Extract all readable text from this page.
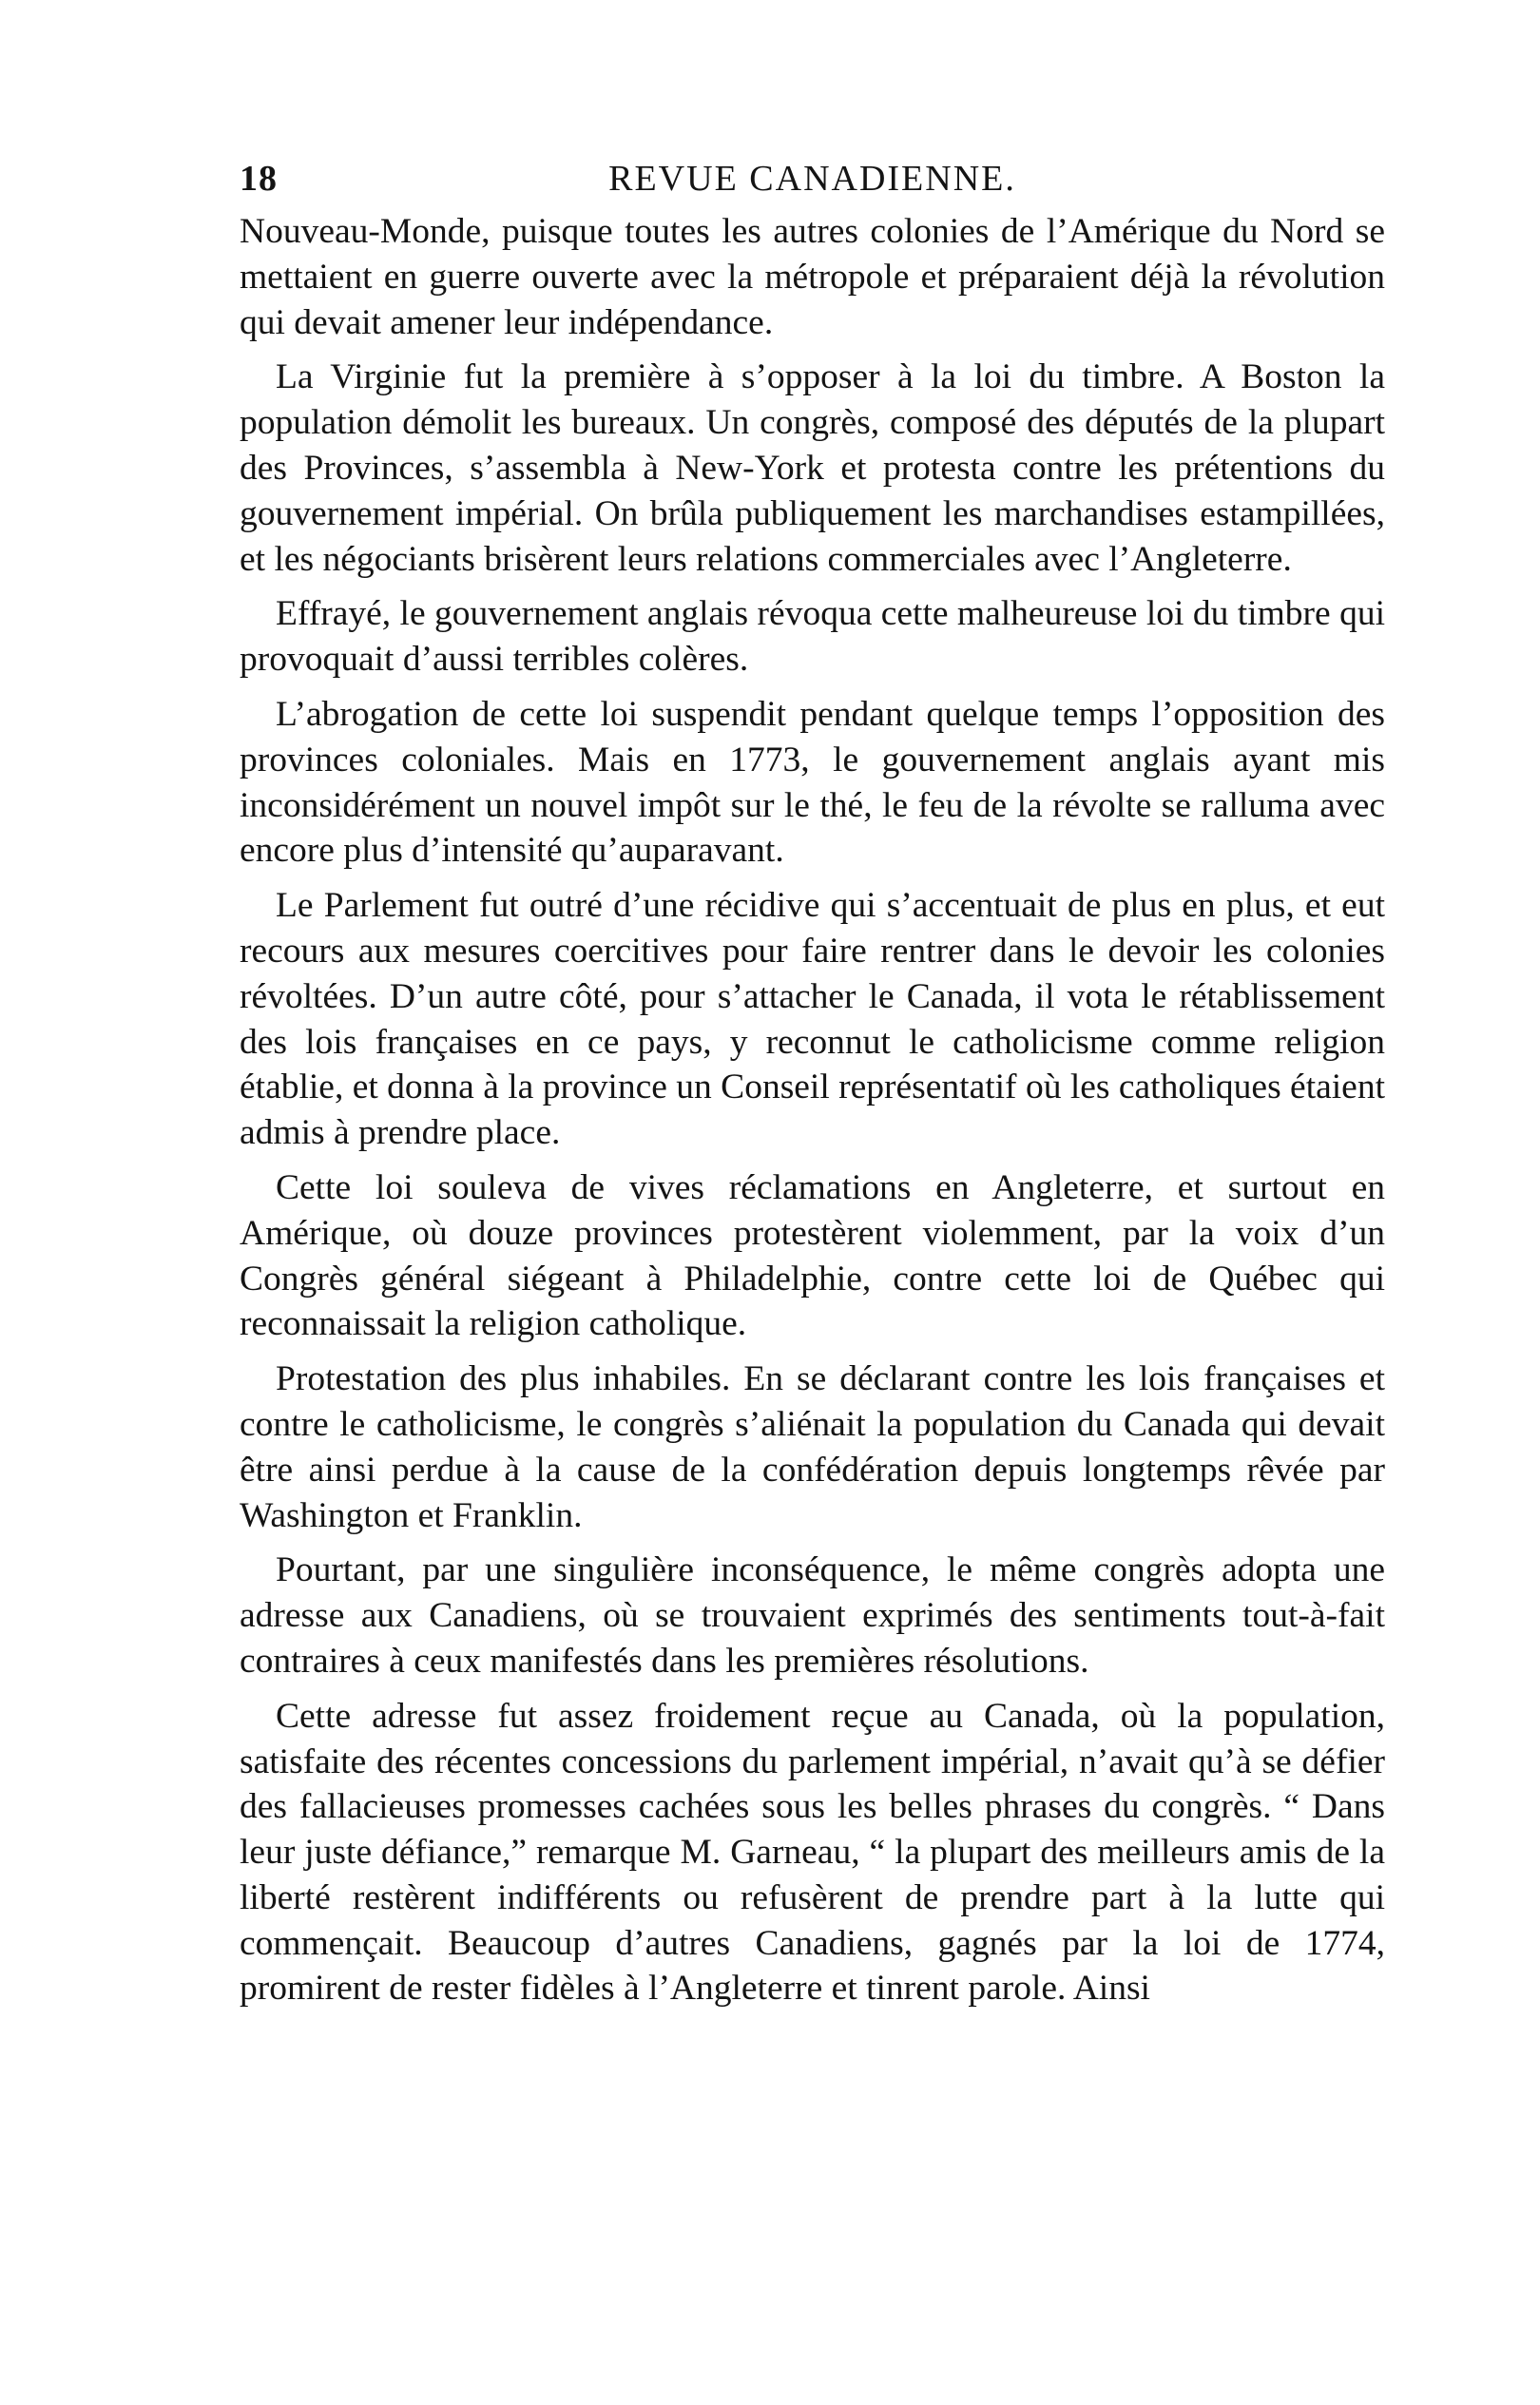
18	REVUE CANADIENNE.

Nouveau-Monde, puisque toutes les autres colonies de l’Amérique du Nord se mettaient en guerre ouverte avec la métropole et préparaient déjà la révolution qui devait amener leur indépendance.

La Virginie fut la première à s’opposer à la loi du timbre. A Boston la population démolit les bureaux. Un congrès, composé des députés de la plupart des Provinces, s’assembla à New-York et protesta contre les prétentions du gouvernement impérial. On brûla publiquement les marchandises estampillées, et les négociants brisèrent leurs relations commerciales avec l’Angleterre.

Effrayé, le gouvernement anglais révoqua cette malheureuse loi du timbre qui provoquait d’aussi terribles colères.

L’abrogation de cette loi suspendit pendant quelque temps l’opposition des provinces coloniales. Mais en 1773, le gouvernement anglais ayant mis inconsidérément un nouvel impôt sur le thé, le feu de la révolte se ralluma avec encore plus d’intensité qu’auparavant.

Le Parlement fut outré d’une récidive qui s’accentuait de plus en plus, et eut recours aux mesures coercitives pour faire rentrer dans le devoir les colonies révoltées. D’un autre côté, pour s’attacher le Canada, il vota le rétablissement des lois françaises en ce pays, y reconnut le catholicisme comme religion établie, et donna à la province un Conseil représentatif où les catholiques étaient admis à prendre place.

Cette loi souleva de vives réclamations en Angleterre, et surtout en Amérique, où douze provinces protestèrent violemment, par la voix d’un Congrès général siégeant à Philadelphie, contre cette loi de Québec qui reconnaissait la religion catholique.

Protestation des plus inhabiles. En se déclarant contre les lois françaises et contre le catholicisme, le congrès s’aliénait la population du Canada qui devait être ainsi perdue à la cause de la confédération depuis longtemps rêvée par Washington et Franklin.

Pourtant, par une singulière inconséquence, le même congrès adopta une adresse aux Canadiens, où se trouvaient exprimés des sentiments tout-à-fait contraires à ceux manifestés dans les premières résolutions.

Cette adresse fut assez froidement reçue au Canada, où la population, satisfaite des récentes concessions du parlement impérial, n’avait qu’à se défier des fallacieuses promesses cachées sous les belles phrases du congrès. “ Dans leur juste défiance,” remarque M. Garneau, “ la plupart des meilleurs amis de la liberté restèrent indifférents ou refusèrent de prendre part à la lutte qui commençait. Beaucoup d’autres Canadiens, gagnés par la loi de 1774, promirent de rester fidèles à l’Angleterre et tinrent parole. Ainsi
